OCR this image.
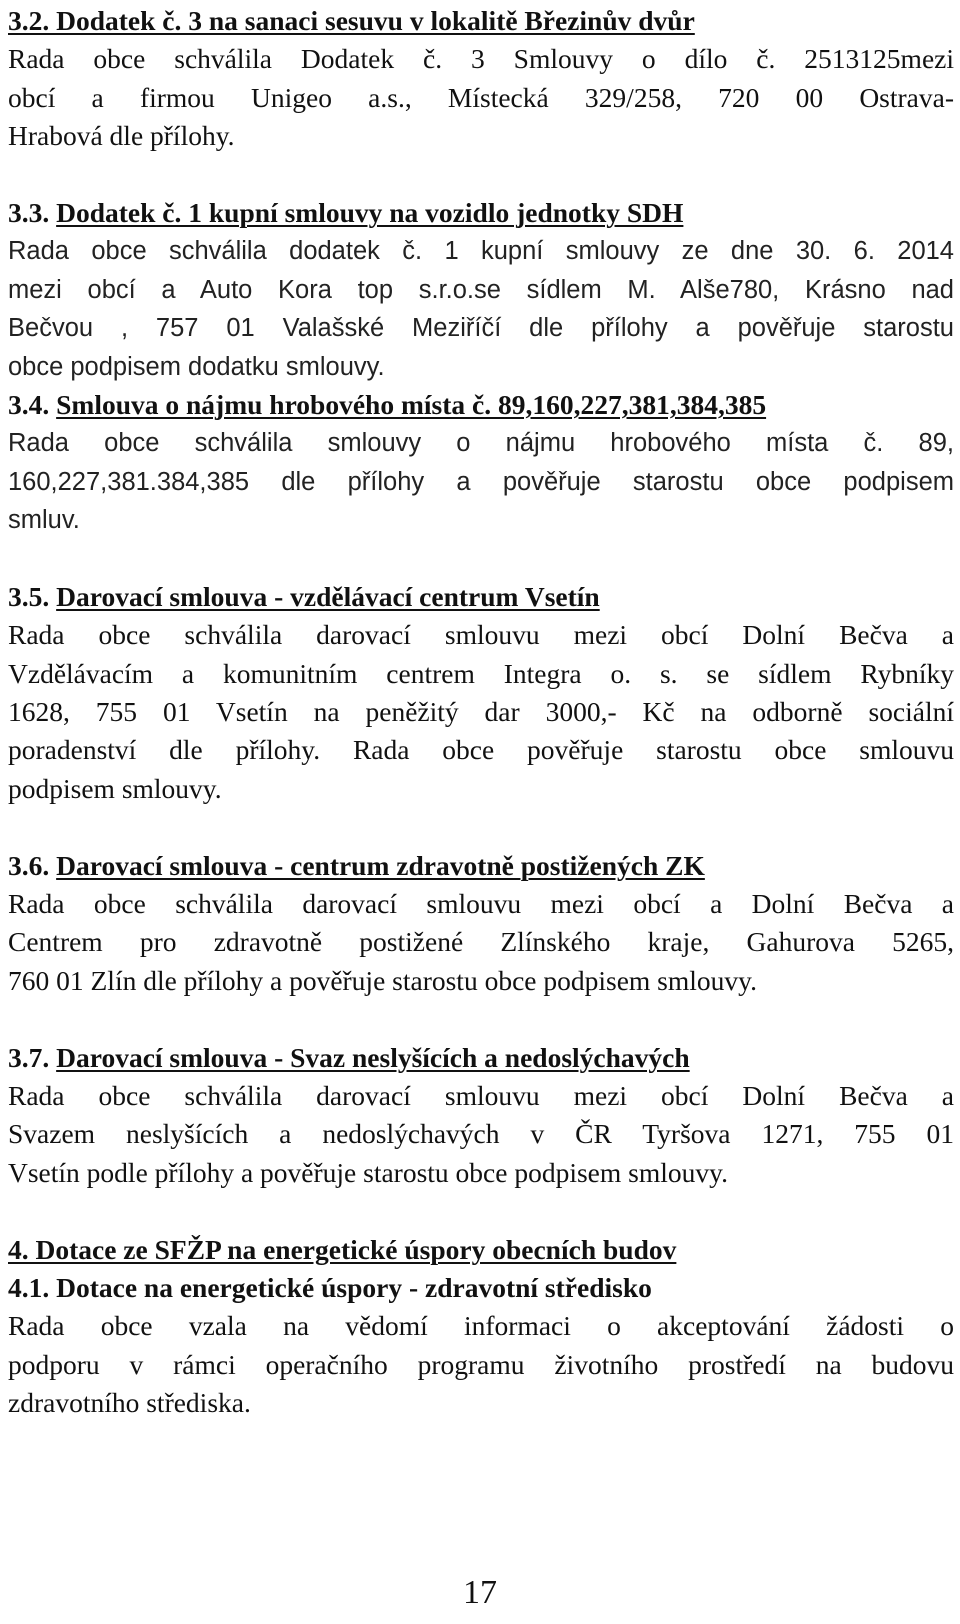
3.2. Dodatek č. 3 na sanaci sesuvu v lokalitě Březinův dvůr
Rada obce schválila Dodatek č. 3 Smlouvy o dílo č. 2513125mezi
obcí a firmou Unigeo a.s., Místecká 329/258, 720 00 Ostrava-
Hrabová dle přílohy.
3.3. Dodatek č. 1 kupní smlouvy na vozidlo jednotky SDH
Rada obce schválila dodatek č. 1 kupní smlouvy ze dne 30. 6. 2014
mezi obcí a Auto Kora top s.r.o.se sídlem M. Alše780, Krásno nad
Bečvou , 757 01 Valašské Meziříčí dle přílohy a pověřuje starostu
obce podpisem dodatku smlouvy.
3.4. Smlouva o nájmu hrobového místa č. 89,160,227,381,384,385
Rada obce schválila smlouvy o nájmu hrobového místa č. 89,
160,227,381.384,385 dle přílohy a pověřuje starostu obce podpisem
smluv.
3.5. Darovací smlouva - vzdělávací centrum Vsetín
Rada obce schválila darovací smlouvu mezi obcí Dolní Bečva a
Vzdělávacím a komunitním centrem Integra o. s. se sídlem Rybníky
1628, 755 01 Vsetín na peněžitý dar 3000,- Kč na odborně sociální
poradenství dle přílohy. Rada obce pověřuje starostu obce smlouvu
podpisem smlouvy.
3.6. Darovací smlouva - centrum zdravotně postižených ZK
Rada obce schválila darovací smlouvu mezi obcí a Dolní Bečva a
Centrem pro zdravotně postižené Zlínského kraje, Gahurova 5265,
760 01 Zlín dle přílohy a pověřuje starostu obce podpisem smlouvy.
3.7. Darovací smlouva - Svaz neslyšících a nedoslýchavých
Rada obce schválila darovací smlouvu mezi obcí Dolní Bečva a
Svazem neslyšících a nedoslýchavých v ČR Tyršova 1271, 755 01
Vsetín podle přílohy a pověřuje starostu obce podpisem smlouvy.
4. Dotace ze SFŽP na energetické úspory obecních budov
4.1. Dotace na energetické úspory - zdravotní středisko
Rada obce vzala na vědomí informaci o akceptování žádosti o
podporu v rámci operačního programu životního prostředí na budovu
zdravotního střediska.
17
